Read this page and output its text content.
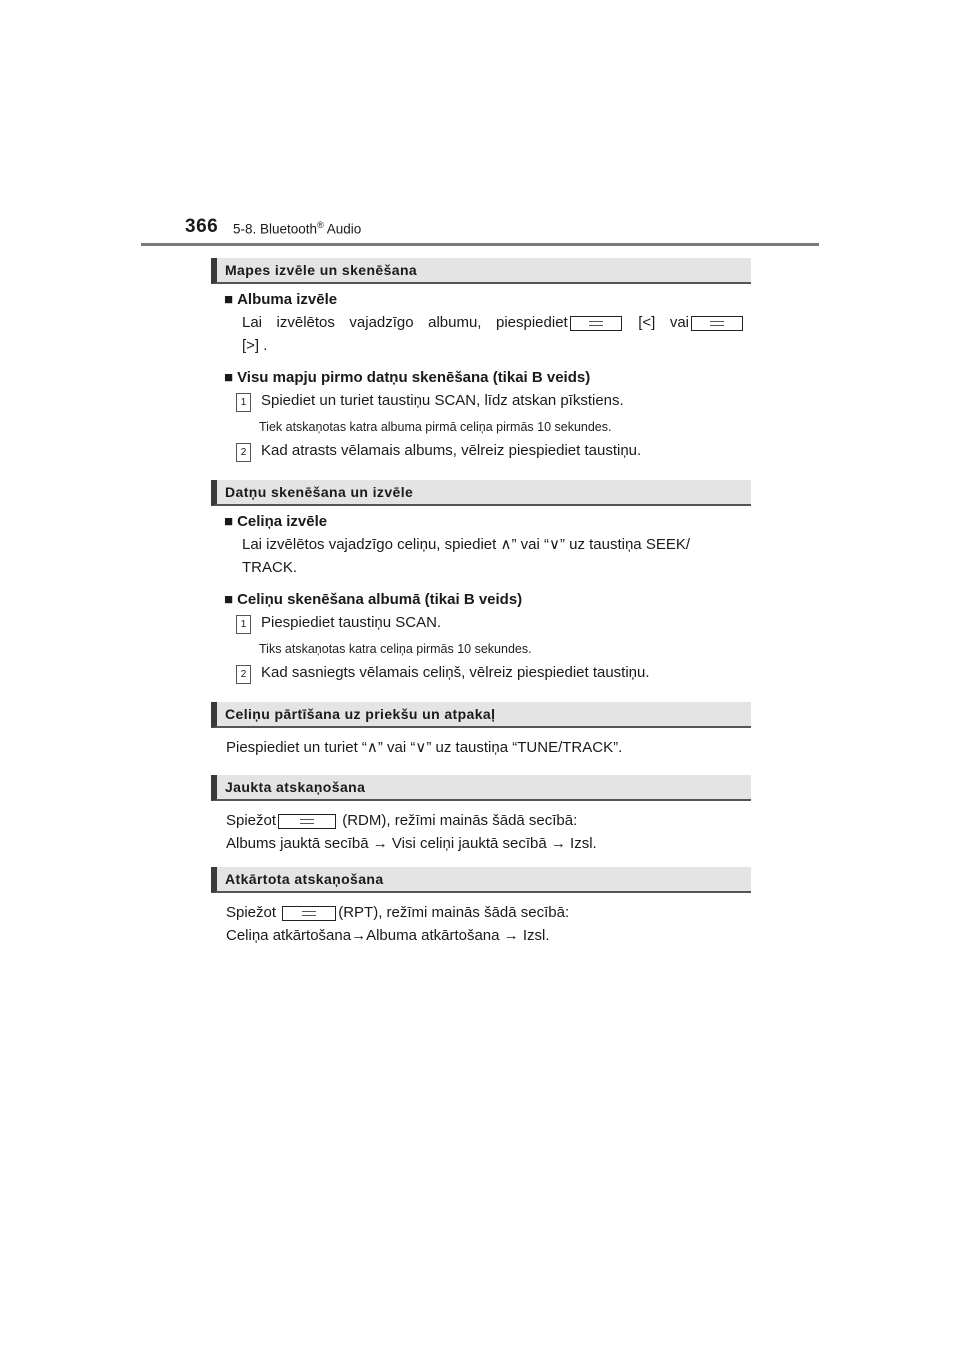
366 5-8. Bluetooth® Audio
Mapes izvēle un skenēšana
■ Albuma izvēle
Lai izvēlētos vajadzīgo albumu, piespiediet	[<] vai
[>] .
■ Visu mapju pirmo datņu skenēšana (tikai B veids)
1 Spiediet un turiet taustiņu SCAN, līdz atskan pīkstiens.
Tiek atskaņotas katra albuma pirmā celiņa pirmās 10 sekundes.
2 Kad atrasts vēlamais albums, vēlreiz piespiediet taustiņu.
Datņu skenēšana un izvēle
■ Celiņa izvēle
Lai izvēlētos vajadzīgo celiņu, spiediet ∧” vai “∨” uz taustiņa SEEK/
TRACK.
■ Celiņu skenēšana albumā (tikai B veids)
1 Piespiediet taustiņu SCAN.
Tiks atskaņotas katra celiņa pirmās 10 sekundes.
2 Kad sasniegts vēlamais celiņš, vēlreiz piespiediet taustiņu.
Celiņu pārtīšana uz priekšu un atpakaļ
Piespiediet un turiet “∧” vai “∨” uz taustiņa “TUNE/TRACK”.
Jaukta atskaņošana
Spiežot	(RDM), režīmi mainās šādā secībā:
Albums jauktā secībā → Visi celiņi jauktā secībā → Izsl.
Atkārtota atskaņošana
Spiežot	(RPT), režīmi mainās šādā secībā:
Celiņa atkārtošana→Albuma atkārtošana → Izsl.
